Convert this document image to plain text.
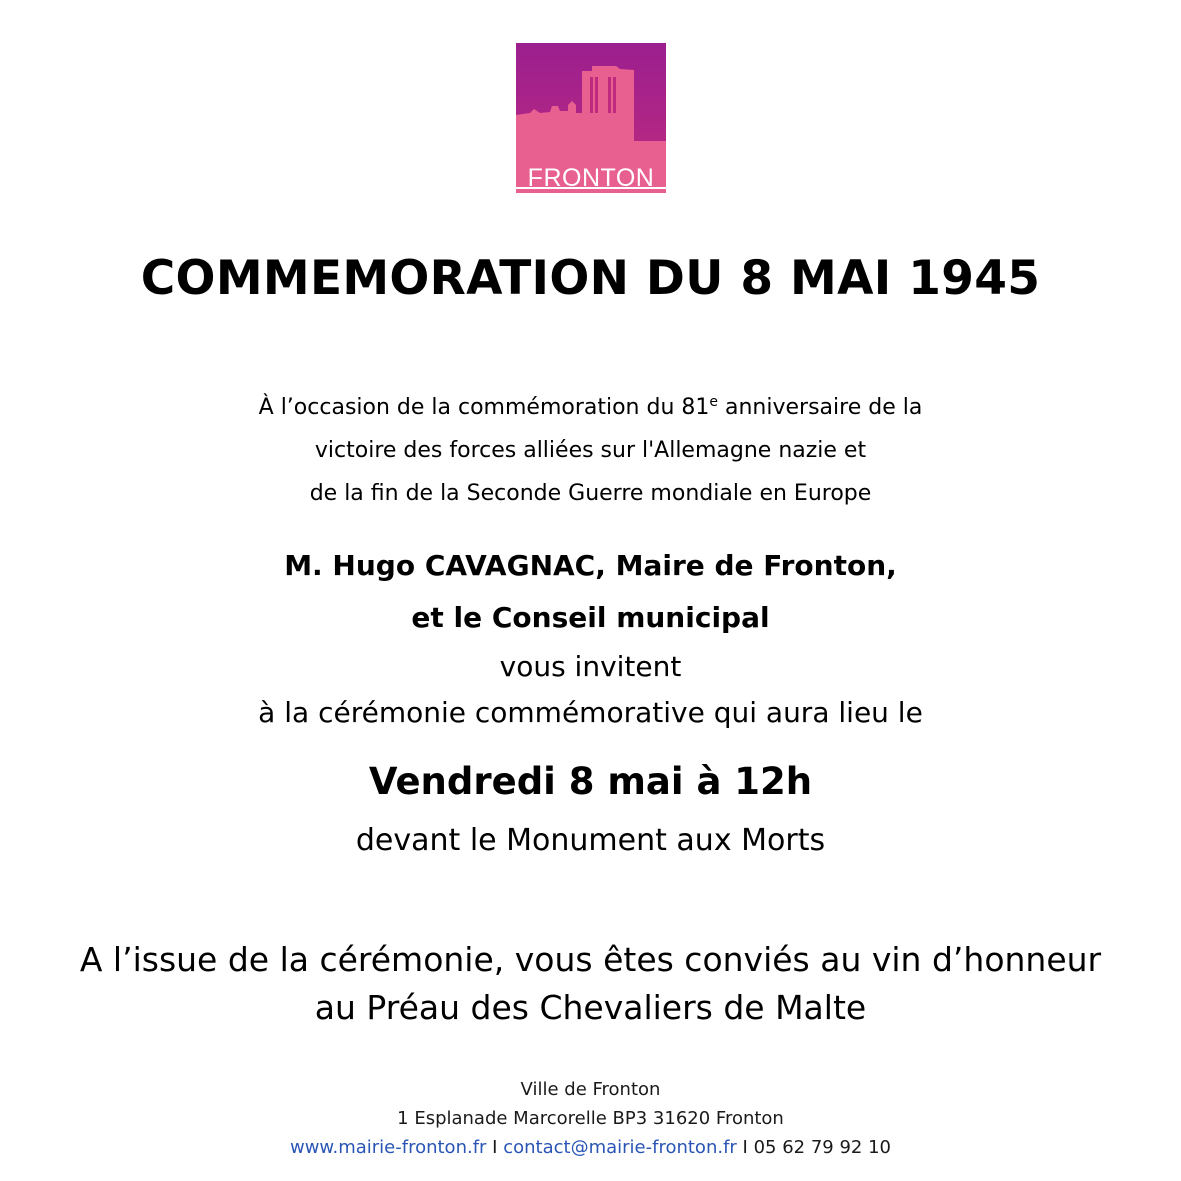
FRONTON
COMMEMORATION DU 8 MAI 1945
À l’occasion de la commémoration du 81e anniversaire de la
victoire des forces alliées sur l'Allemagne nazie et
de la fin de la Seconde Guerre mondiale en Europe
M. Hugo CAVAGNAC, Maire de Fronton,
et le Conseil municipal
vous invitent
à la cérémonie commémorative qui aura lieu le
Vendredi 8 mai à 12h
devant le Monument aux Morts
A l’issue de la cérémonie, vous êtes conviés au vin d’honneur
au Préau des Chevaliers de Malte
Ville de Fronton
1 Esplanade Marcorelle BP3 31620 Fronton
www.mairie-fronton.fr I contact@mairie-fronton.fr I 05 62 79 92 10
